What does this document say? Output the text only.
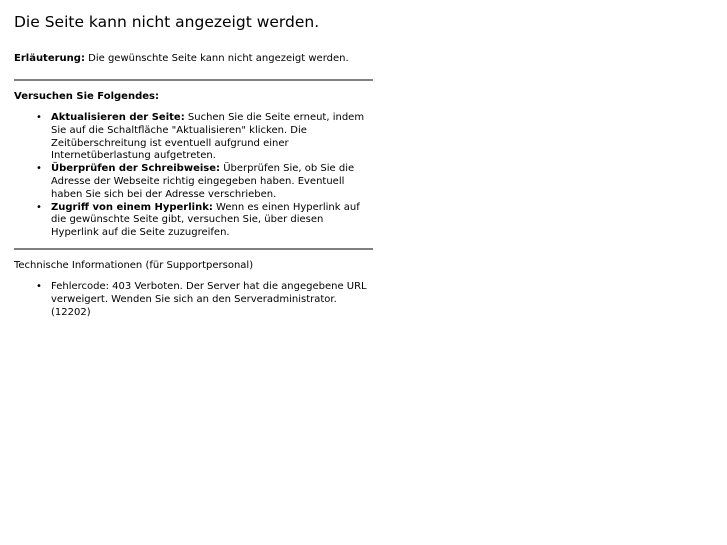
Die Seite kann nicht angezeigt werden.
Erläuterung: Die gewünschte Seite kann nicht angezeigt werden.
Versuchen Sie Folgendes:
• Aktualisieren der Seite: Suchen Sie die Seite erneut, indem Sie auf die Schaltfläche "Aktualisieren" klicken. Die Zeitüberschreitung ist eventuell aufgrund einer Internetüberlastung aufgetreten.
• Überprüfen der Schreibweise: Überprüfen Sie, ob Sie die Adresse der Webseite richtig eingegeben haben. Eventuell haben Sie sich bei der Adresse verschrieben.
• Zugriff von einem Hyperlink: Wenn es einen Hyperlink auf die gewünschte Seite gibt, versuchen Sie, über diesen Hyperlink auf die Seite zuzugreifen.
Technische Informationen (für Supportpersonal)
• Fehlercode: 403 Verboten. Der Server hat die angegebene URL verweigert. Wenden Sie sich an den Serveradministrator. (12202)
